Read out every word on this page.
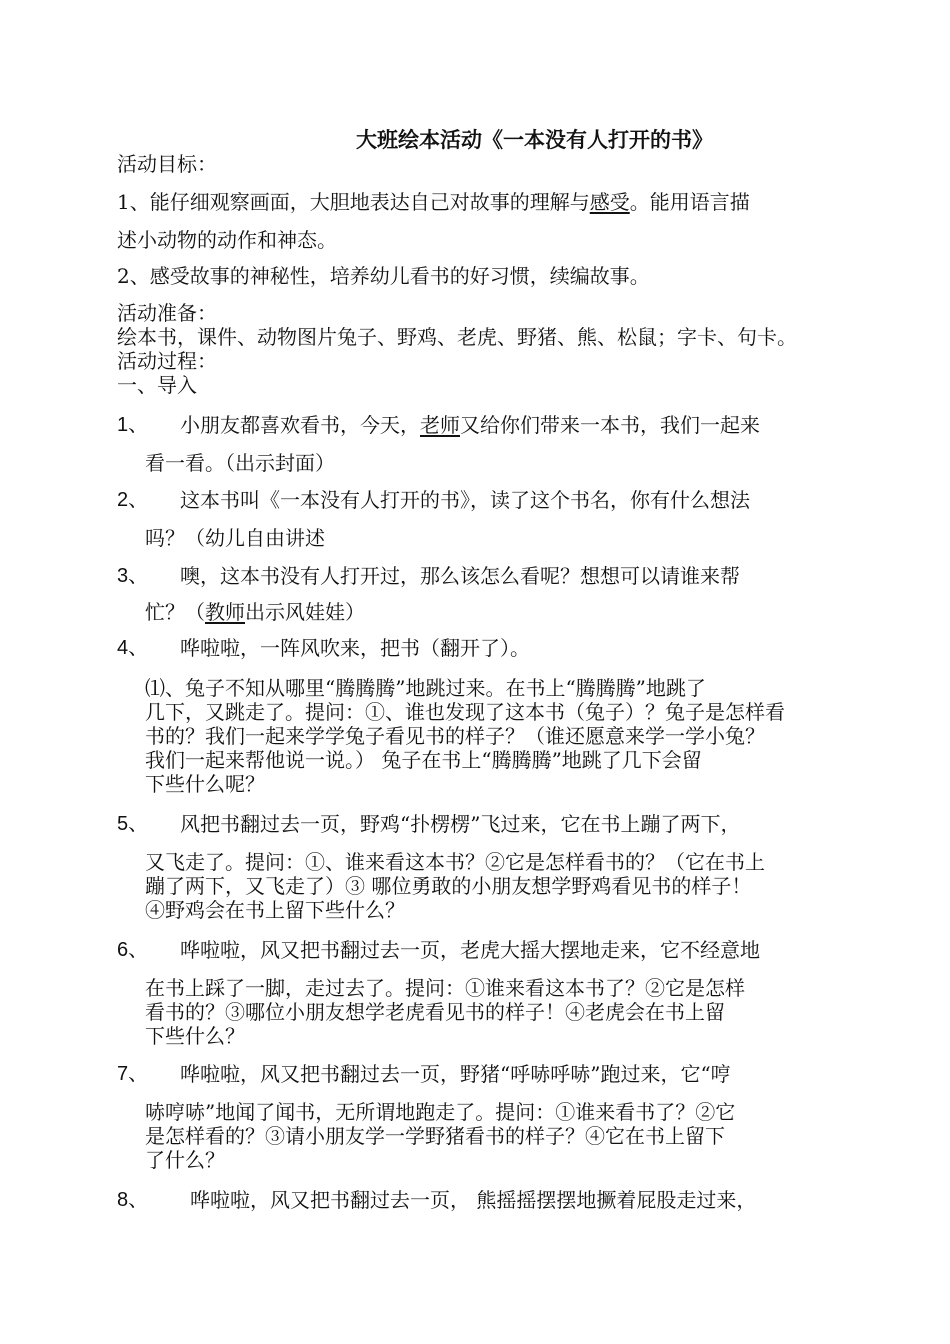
大班绘本活动《一本没有人打开的书》
活动目标：
1、能仔细观察画面，大胆地表达自己对故事的理解与感受。能用语言描
述小动物的动作和神态。
2、感受故事的神秘性，培养幼儿看书的好习惯，续编故事。
活动准备：
绘本书，课件、动物图片兔子、野鸡、老虎、野猪、熊、松鼠；字卡、句卡。
活动过程：
一、导入
1、 小朋友都喜欢看书，今天，老师又给你们带来一本书，我们一起来
看一看。（出示封面）
2、 这本书叫《一本没有人打开的书》，读了这个书名，你有什么想法
吗？（幼儿自由讲述
3、 噢，这本书没有人打开过，那么该怎么看呢？想想可以请谁来帮
忙？（教师出示风娃娃）
4、 哗啦啦，一阵风吹来，把书（翻开了）。
⑴、兔子不知从哪里“腾腾腾”地跳过来。在书上“腾腾腾”地跳了
几下，又跳走了。提问：①、谁也发现了这本书（兔子）？兔子是怎样看
书的？我们一起来学学兔子看见书的样子？（谁还愿意来学一学小兔？
我们一起来帮他说一说。） 兔子在书上“腾腾腾”地跳了几下会留
下些什么呢？
5、 风把书翻过去一页，野鸡“扑楞楞”飞过来，它在书上蹦了两下，
又飞走了。提问：①、谁来看这本书？②它是怎样看书的？（它在书上
蹦了两下，又飞走了）③ 哪位勇敢的小朋友想学野鸡看见书的样子！
④野鸡会在书上留下些什么？
6、 哗啦啦，风又把书翻过去一页，老虎大摇大摆地走来，它不经意地
在书上踩了一脚，走过去了。提问：①谁来看这本书了？②它是怎样
看书的？③哪位小朋友想学老虎看见书的样子！④老虎会在书上留
下些什么？
7、 哗啦啦，风又把书翻过去一页，野猪“呼哧呼哧”跑过来，它“哼
哧哼哧”地闻了闻书，无所谓地跑走了。提问：①谁来看书了？②它
是怎样看的？③请小朋友学一学野猪看书的样子？④它在书上留下
了什么？
8、 哗啦啦，风又把书翻过去一页， 熊摇摇摆摆地撅着屁股走过来，
